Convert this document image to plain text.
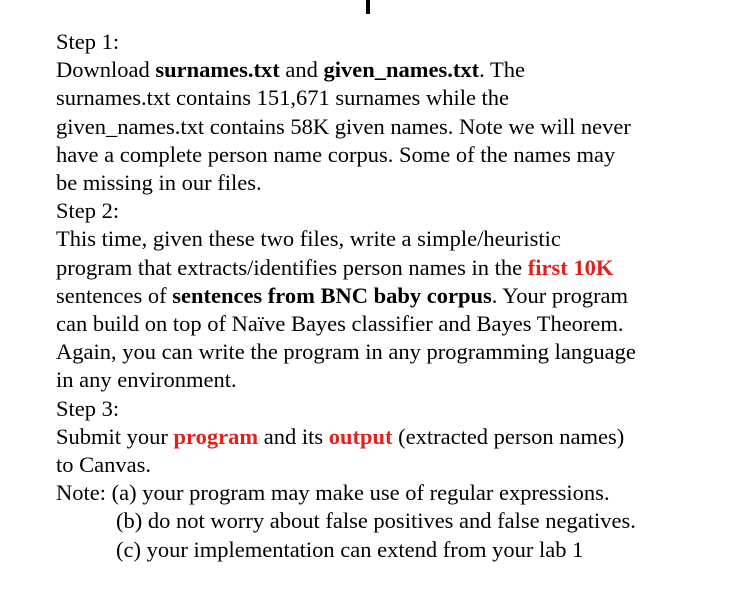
Step 1:
Download surnames.txt and given_names.txt. The
surnames.txt contains 151,671 surnames while the
given_names.txt contains 58K given names. Note we will never
have a complete person name corpus. Some of the names may
be missing in our files.
Step 2:
This time, given these two files, write a simple/heuristic
program that extracts/identifies person names in the first 10K
sentences of sentences from BNC baby corpus. Your program
can build on top of Naïve Bayes classifier and Bayes Theorem.
Again, you can write the program in any programming language
in any environment.
Step 3:
Submit your program and its output (extracted person names)
to Canvas.
Note: (a) your program may make use of regular expressions.
(b) do not worry about false positives and false negatives.
(c) your implementation can extend from your lab 1
